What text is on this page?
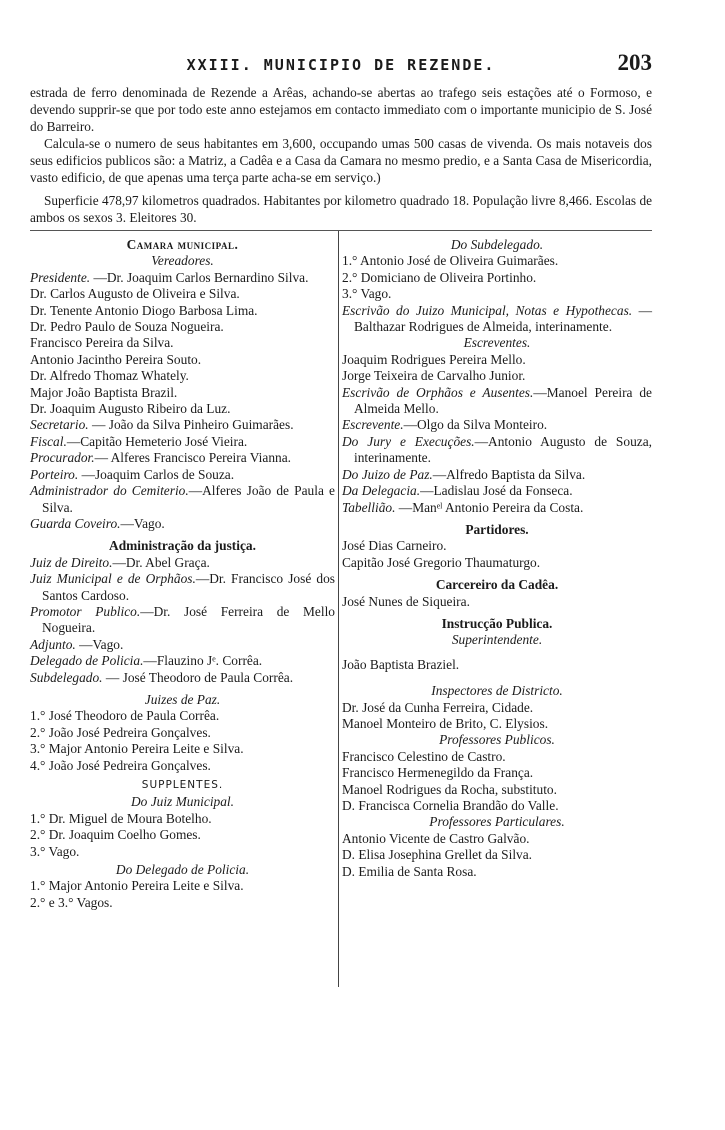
XXIII. MUNICIPIO DE REZENDE.	203

estrada de ferro denominada de Rezende a Arêas, achando-se abertas ao trafego seis estações até o Formoso, e devendo supprir-se que por todo este anno estejamos em contacto immediato com o importante municipio de S. José do Barreiro.

Calcula-se o numero de seus habitantes em 3,600, occupando umas 500 casas de vivenda. Os mais notaveis dos seus edificios publicos são: a Matriz, a Cadêa e a Casa da Camara no mesmo predio, e a Santa Casa de Misericordia, vasto edificio, de que apenas uma terça parte acha-se em serviço.)

Superficie 478,97 kilometros quadrados. Habitantes por kilometro quadrado 18. População livre 8,466. Escolas de ambos os sexos 3. Eleitores 30.

Camara municipal.
Vereadores.
Presidente. —Dr. Joaquim Carlos Bernardino Silva.
Dr. Carlos Augusto de Oliveira e Silva.
Dr. Tenente Antonio Diogo Barbosa Lima.
Dr. Pedro Paulo de Souza Nogueira.
Francisco Pereira da Silva.
Antonio Jacintho Pereira Souto.
Dr. Alfredo Thomaz Whately.
Major João Baptista Brazil.
Dr. Joaquim Augusto Ribeiro da Luz.
Secretario. — João da Silva Pinheiro Guimarães.
Fiscal.—Capitão Hemeterio José Vieira.
Procurador.— Alferes Francisco Pereira Vianna.
Porteiro. —Joaquim Carlos de Souza.
Administrador do Cemiterio.—Alferes João de Paula e Silva.
Guarda Coveiro.—Vago.
Administração da justiça.
Juiz de Direito.—Dr. Abel Graça.
Juiz Municipal e de Orphãos.—Dr. Francisco José dos Santos Cardoso.
Promotor Publico.—Dr. José Ferreira de Mello Nogueira.
Adjunto. —Vago.
Delegado de Policia.—Flauzino Jᵉ. Corrêa.
Subdelegado. — José Theodoro de Paula Corrêa.
Juizes de Paz.
1.° José Theodoro de Paula Corrêa.
2.° João José Pedreira Gonçalves.
3.° Major Antonio Pereira Leite e Silva.
4.° João José Pedreira Gonçalves.
SUPPLENTES.
Do Juiz Municipal.
1.° Dr. Miguel de Moura Botelho.
2.° Dr. Joaquim Coelho Gomes.
3.° Vago.
Do Delegado de Policia.
1.° Major Antonio Pereira Leite e Silva.
2.° e 3.° Vagos.
Do Subdelegado.
1.° Antonio José de Oliveira Guimarães.
2.° Domiciano de Oliveira Portinho.
3.° Vago.
Escrivão do Juizo Municipal, Notas e Hypothecas. — Balthazar Rodrigues de Almeida, interinamente.
Escreventes.
Joaquim Rodrigues Pereira Mello.
Jorge Teixeira de Carvalho Junior.
Escrivão de Orphãos e Ausentes.—Manoel Pereira de Almeida Mello.
Escrevente.—Olgo da Silva Monteiro.
Do Jury e Execuções.—Antonio Augusto de Souza, interinamente.
Do Juizo de Paz.—Alfredo Baptista da Silva.
Da Delegacia.—Ladislau José da Fonseca.
Tabellião. —Manᵉˡ Antonio Pereira da Costa.
Partidores.
José Dias Carneiro.
Capitão José Gregorio Thaumaturgo.
Carcereiro da Cadêa.
José Nunes de Siqueira.
Instrucção Publica.
Superintendente.
João Baptista Braziel.
Inspectores de Districto.
Dr. José da Cunha Ferreira, Cidade.
Manoel Monteiro de Brito, C. Elysios.
Professores Publicos.
Francisco Celestino de Castro.
Francisco Hermenegildo da França.
Manoel Rodrigues da Rocha, substituto.
D. Francisca Cornelia Brandão do Valle.
Professores Particulares.
Antonio Vicente de Castro Galvão.
D. Elisa Josephina Grellet da Silva.
D. Emilia de Santa Rosa.
